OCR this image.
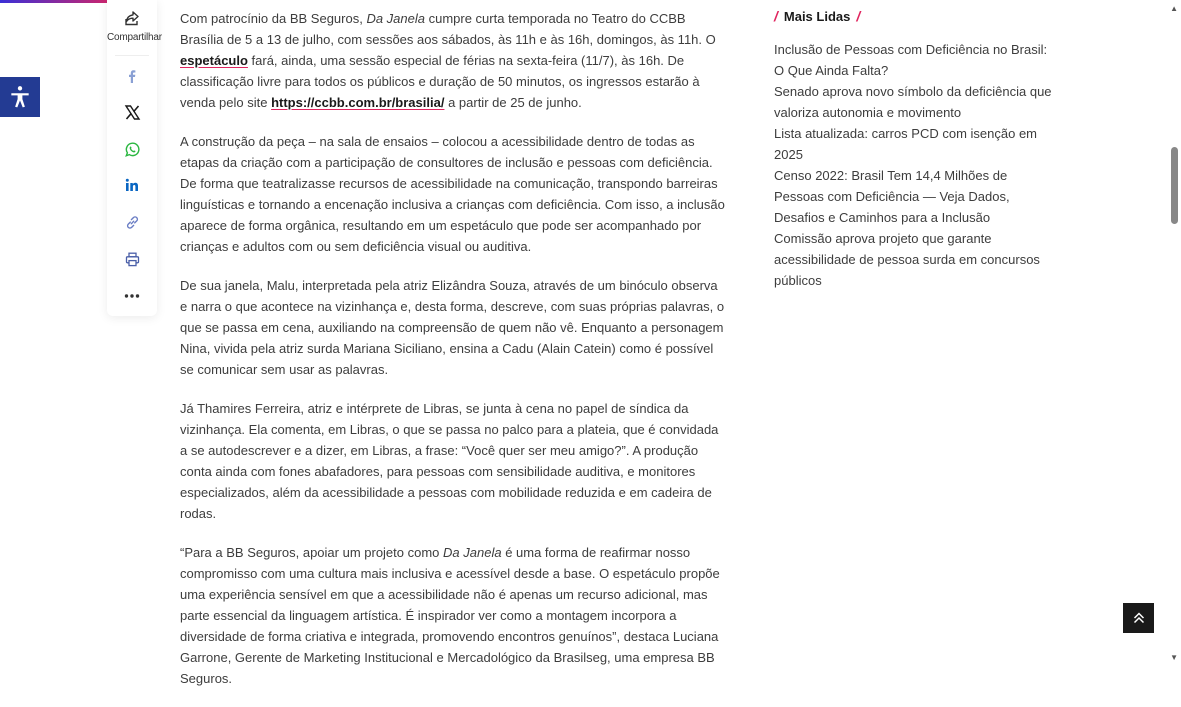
Compartilhar

Com patrocínio da BB Seguros, Da Janela cumpre curta temporada no Teatro do CCBB Brasília de 5 a 13 de julho, com sessões aos sábados, às 11h e às 16h, domingos, às 11h. O espetáculo fará, ainda, uma sessão especial de férias na sexta-feira (11/7), às 16h. De classificação livre para todos os públicos e duração de 50 minutos, os ingressos estarão à venda pelo site https://ccbb.com.br/brasilia/ a partir de 25 de junho.

A construção da peça – na sala de ensaios – colocou a acessibilidade dentro de todas as etapas da criação com a participação de consultores de inclusão e pessoas com deficiência. De forma que teatralizasse recursos de acessibilidade na comunicação, transpondo barreiras linguísticas e tornando a encenação inclusiva a crianças com deficiência. Com isso, a inclusão aparece de forma orgânica, resultando em um espetáculo que pode ser acompanhado por crianças e adultos com ou sem deficiência visual ou auditiva.

De sua janela, Malu, interpretada pela atriz Elizândra Souza, através de um binóculo observa e narra o que acontece na vizinhança e, desta forma, descreve, com suas próprias palavras, o que se passa em cena, auxiliando na compreensão de quem não vê. Enquanto a personagem Nina, vivida pela atriz surda Mariana Siciliano, ensina a Cadu (Alain Catein) como é possível se comunicar sem usar as palavras.

Já Thamires Ferreira, atriz e intérprete de Libras, se junta à cena no papel de síndica da vizinhança. Ela comenta, em Libras, o que se passa no palco para a plateia, que é convidada a se autodescrever e a dizer, em Libras, a frase: “Você quer ser meu amigo?”. A produção conta ainda com fones abafadores, para pessoas com sensibilidade auditiva, e monitores especializados, além da acessibilidade a pessoas com mobilidade reduzida e em cadeira de rodas.

“Para a BB Seguros, apoiar um projeto como Da Janela é uma forma de reafirmar nosso compromisso com uma cultura mais inclusiva e acessível desde a base. O espetáculo propõe uma experiência sensível em que a acessibilidade não é apenas um recurso adicional, mas parte essencial da linguagem artística. É inspirador ver como a montagem incorpora a diversidade de forma criativa e integrada, promovendo encontros genuínos”, destaca Luciana Garrone, Gerente de Marketing Institucional e Mercadológico da Brasilseg, uma empresa BB Seguros.

/ Mais Lidas /
Inclusão de Pessoas com Deficiência no Brasil: O Que Ainda Falta?
Senado aprova novo símbolo da deficiência que valoriza autonomia e movimento
Lista atualizada: carros PCD com isenção em 2025
Censo 2022: Brasil Tem 14,4 Milhões de Pessoas com Deficiência — Veja Dados, Desafios e Caminhos para a Inclusão
Comissão aprova projeto que garante acessibilidade de pessoa surda em concursos públicos
▲
▼
